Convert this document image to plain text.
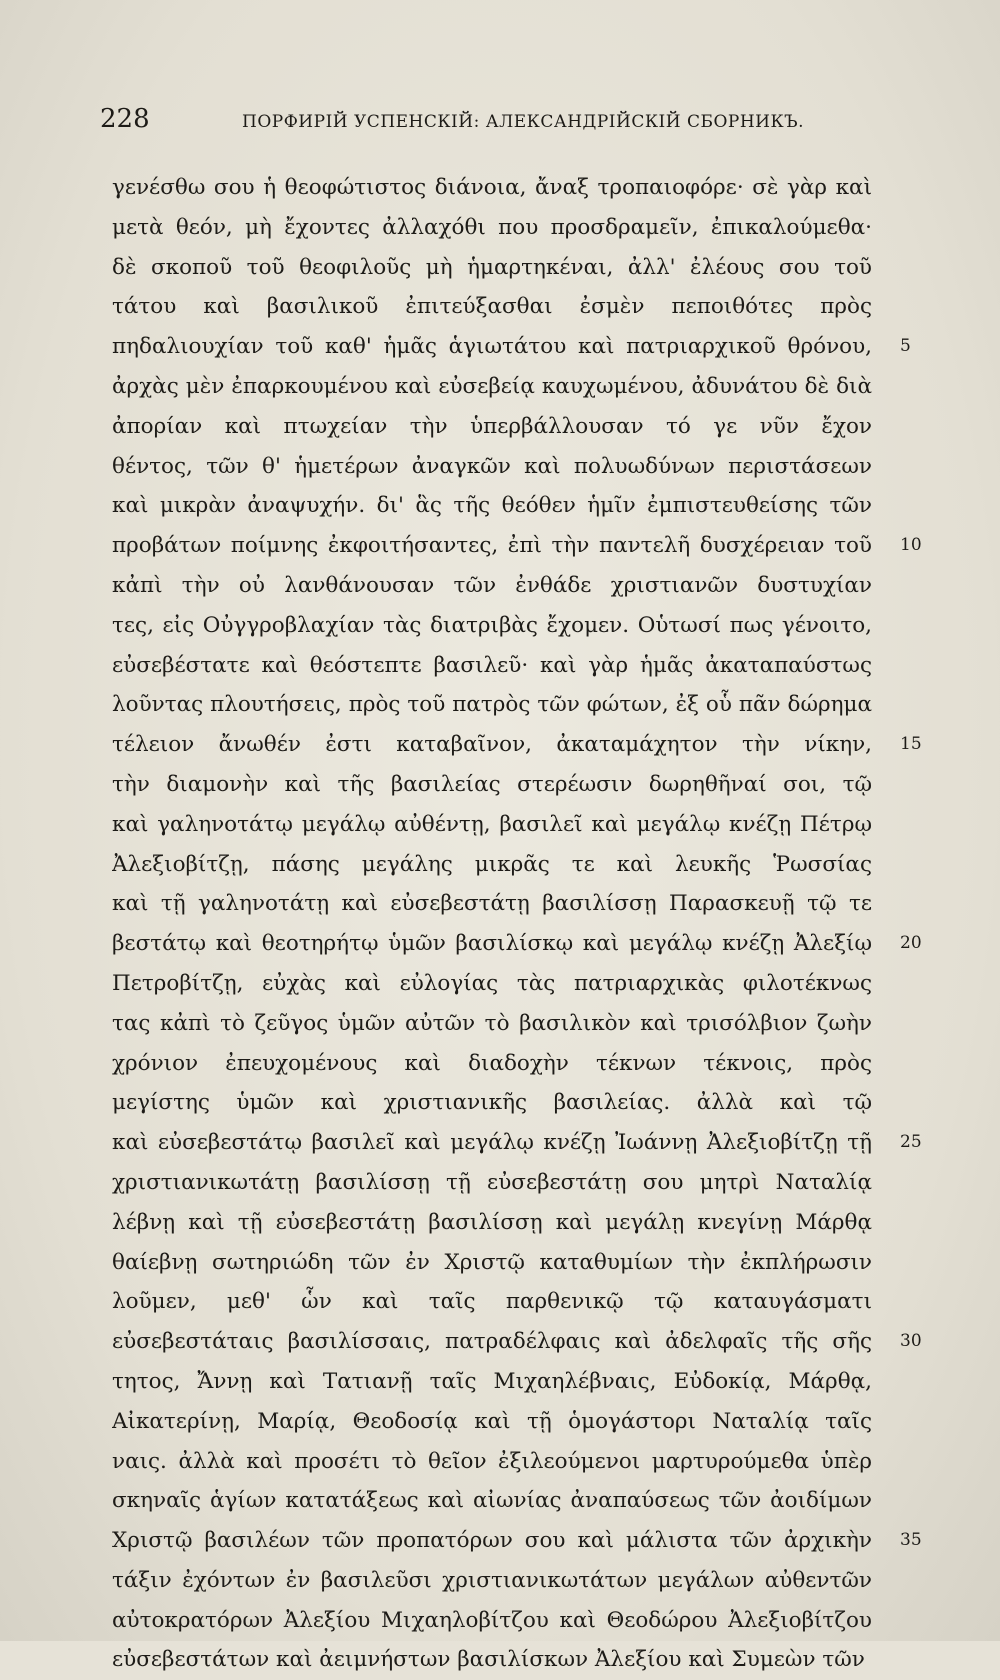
228	ПОРФИРІЙ УСПЕНСКІЙ: АЛЕКСАНДРІЙСКІЙ СБОРНИКЪ.
γενέσθω σου ἡ θεοφώτιστος διάνοια, ἄναξ τροπαιοφόρε· σὲ γὰρ καὶ
μετὰ θεόν, μὴ ἔχοντες ἀλλαχόθι που προσδραμεῖν, ἐπικαλούμεθα·
δὲ σκοποῦ τοῦ θεοφιλοῦς μὴ ἡμαρτηκέναι, ἀλλ' ἐλέους σου τοῦ
τάτου καὶ βασιλικοῦ ἐπιτεύξασθαι ἐσμὲν πεποιθότες πρὸς
πηδαλιουχίαν τοῦ καθ' ἡμᾶς ἁγιωτάτου καὶ πατριαρχικοῦ θρόνου, 5
ἀρχὰς μὲν ἐπαρκουμένου καὶ εὐσεβείᾳ καυχωμένου, ἀδυνάτου δὲ διὰ
ἀπορίαν καὶ πτωχείαν τὴν ὑπερβάλλουσαν τό γε νῦν ἔχον
θέντος, τῶν θ' ἡμετέρων ἀναγκῶν καὶ πολυωδύνων περιστάσεων
καὶ μικρὰν ἀναψυχήν. δι' ἃς τῆς θεόθεν ἡμῖν ἐμπιστευθείσης τῶν
προβάτων ποίμνης ἐκφοιτήσαντες, ἐπὶ τὴν παντελῆ δυσχέρειαν τοῦ 10
κἀπὶ τὴν οὐ λανθάνουσαν τῶν ἐνθάδε χριστιανῶν δυστυχίαν
τες, εἰς Οὐγγροβλαχίαν τὰς διατριβὰς ἔχομεν. Οὑτωσί πως γένοιτο,
εὐσεβέστατε καὶ θεόστεπτε βασιλεῦ· καὶ γὰρ ἡμᾶς ἀκαταπαύστως
λοῦντας πλουτήσεις, πρὸς τοῦ πατρὸς τῶν φώτων, ἐξ οὗ πᾶν δώρημα
τέλειον ἄνωθέν ἐστι καταβαῖνον, ἀκαταμάχητον τὴν νίκην, 15
τὴν διαμονὴν καὶ τῆς βασιλείας στερέωσιν δωρηθῆναί σοι, τῷ
καὶ γαληνοτάτῳ μεγάλῳ αὐθέντῃ, βασιλεῖ καὶ μεγάλῳ κνέζῃ Πέτρῳ
Ἀλεξιοβίτζῃ, πάσης μεγάλης μικρᾶς τε καὶ λευκῆς Ῥωσσίας
καὶ τῇ γαληνοτάτῃ καὶ εὐσεβεστάτῃ βασιλίσσῃ Παρασκευῇ τῷ τε
βεστάτῳ καὶ θεοτηρήτῳ ὑμῶν βασιλίσκῳ καὶ μεγάλῳ κνέζῃ Ἀλεξίῳ 20
Πετροβίτζῃ, εὐχὰς καὶ εὐλογίας τὰς πατριαρχικὰς φιλοτέκνως
τας κἀπὶ τὸ ζεῦγος ὑμῶν αὐτῶν τὸ βασιλικὸν καὶ τρισόλβιον ζωὴν
χρόνιον ἐπευχομένους καὶ διαδοχὴν τέκνων τέκνοις, πρὸς
μεγίστης ὑμῶν καὶ χριστιανικῆς βασιλείας. ἀλλὰ καὶ τῷ
καὶ εὐσεβεστάτῳ βασιλεῖ καὶ μεγάλῳ κνέζῃ Ἰωάννῃ Ἀλεξιοβίτζῃ τῇ 25
χριστιανικωτάτῃ βασιλίσσῃ τῇ εὐσεβεστάτῃ σου μητρὶ Ναταλίᾳ
λέβνῃ καὶ τῇ εὐσεβεστάτῃ βασιλίσσῃ καὶ μεγάλῃ κνεγίνῃ Μάρθᾳ
θαίεβνῃ σωτηριώδη τῶν ἐν Χριστῷ καταθυμίων τὴν ἐκπλήρωσιν
λοῦμεν, μεθ' ὧν καὶ ταῖς παρθενικῷ τῷ καταυγάσματι
εὐσεβεστάταις βασιλίσσαις, πατραδέλφαις καὶ ἀδελφαῖς τῆς σῆς 30
τητος, Ἄννῃ καὶ Τατιανῇ ταῖς Μιχαηλέβναις, Εὐδοκίᾳ, Μάρθᾳ,
Αἰκατερίνῃ, Μαρίᾳ, Θεοδοσίᾳ καὶ τῇ ὁμογάστορι Ναταλίᾳ ταῖς
ναις. ἀλλὰ καὶ προσέτι τὸ θεῖον ἐξιλεούμενοι μαρτυρούμεθα ὑπὲρ
σκηναῖς ἁγίων κατατάξεως καὶ αἰωνίας ἀναπαύσεως τῶν ἀοιδίμων
Χριστῷ βασιλέων τῶν προπατόρων σου καὶ μάλιστα τῶν ἀρχικὴν 35
τάξιν ἐχόντων ἐν βασιλεῦσι χριστιανικωτάτων μεγάλων αὐθεντῶν
αὐτοκρατόρων Ἀλεξίου Μιχαηλοβίτζου καὶ Θεοδώρου Ἀλεξιοβίτζου
εὐσεβεστάτων καὶ ἀειμνήστων βασιλίσκων Ἀλεξίου καὶ Συμεὼν τῶν
